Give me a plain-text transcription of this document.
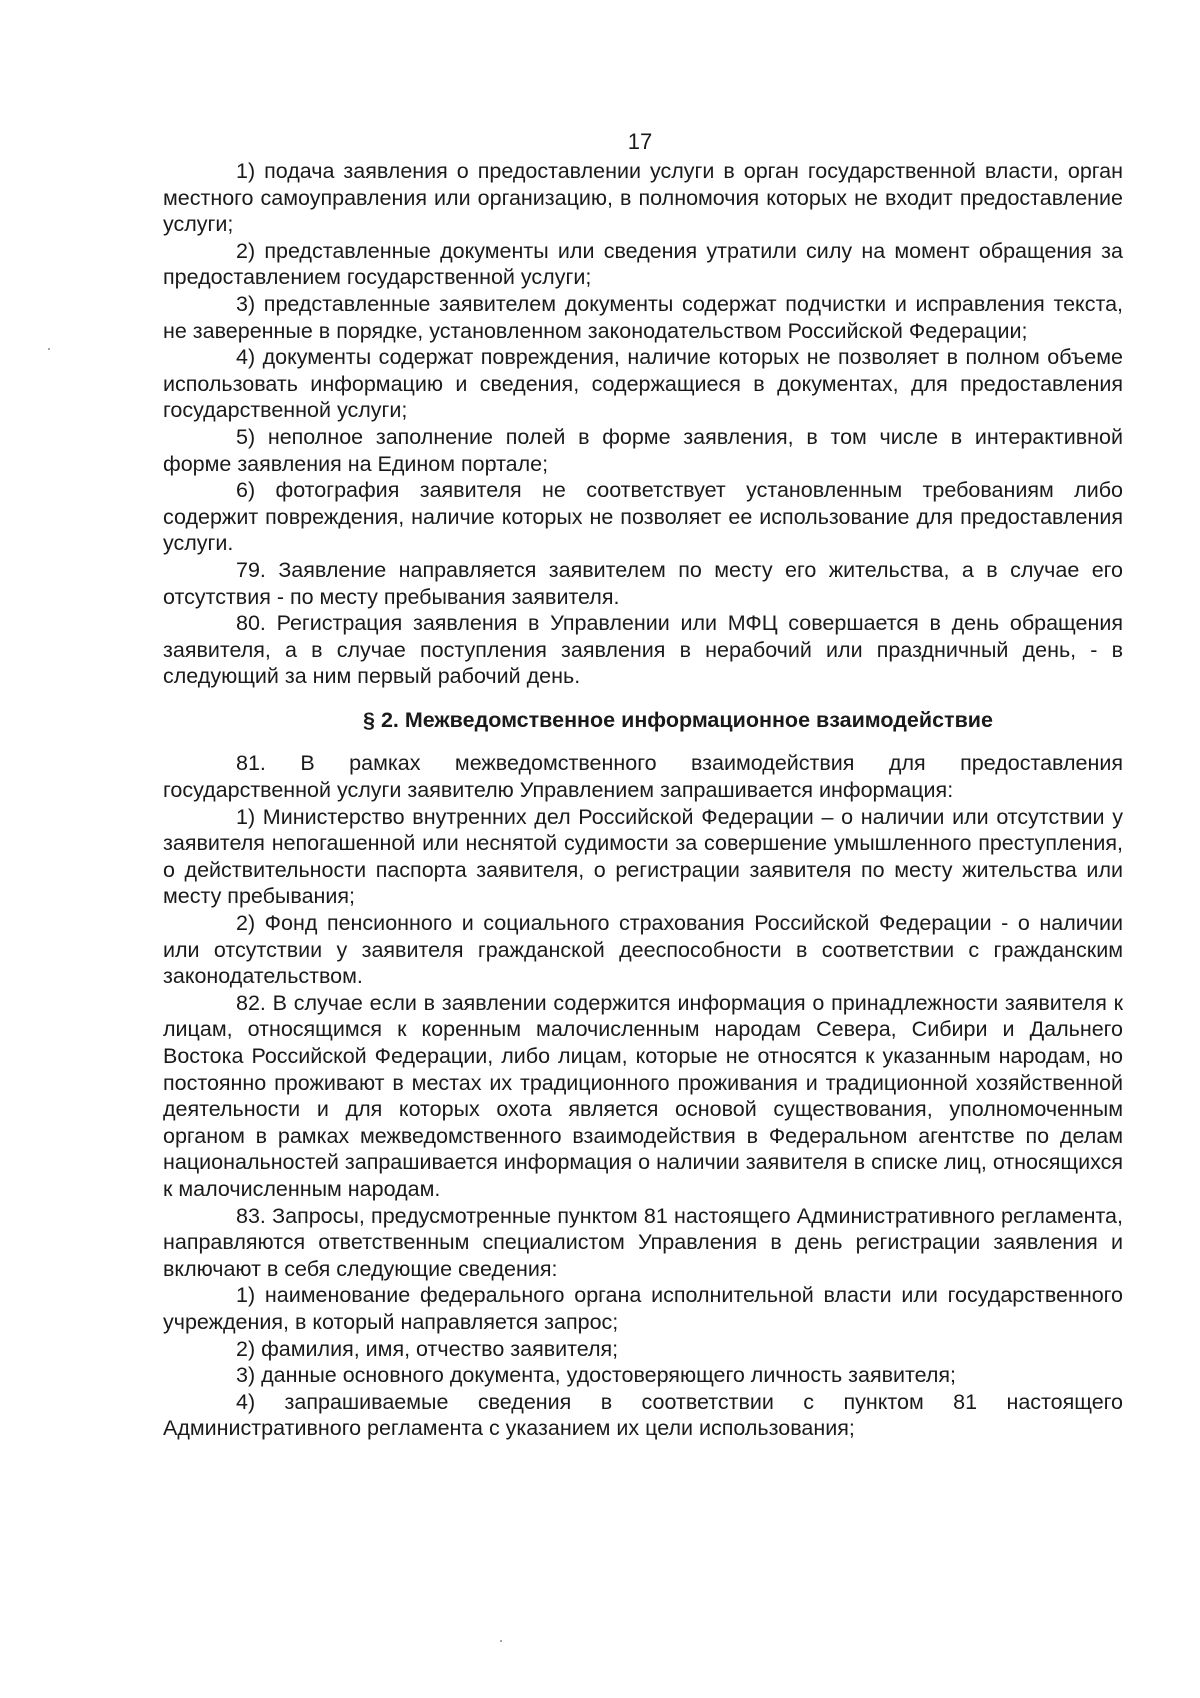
17

1) подача заявления о предоставлении услуги в орган государственной власти, орган местного самоуправления или организацию, в полномочия которых не входит предоставление услуги;

2) представленные документы или сведения утратили силу на момент обращения за предоставлением государственной услуги;

3) представленные заявителем документы содержат подчистки и исправления текста, не заверенные в порядке, установленном законодательством Российской Федерации;

4) документы содержат повреждения, наличие которых не позволяет в полном объеме использовать информацию и сведения, содержащиеся в документах, для предоставления государственной услуги;

5) неполное заполнение полей в форме заявления, в том числе в интерактивной форме заявления на Едином портале;

6) фотография заявителя не соответствует установленным требованиям либо содержит повреждения, наличие которых не позволяет ее использование для предоставления услуги.

79. Заявление направляется заявителем по месту его жительства, а в случае его отсутствия - по месту пребывания заявителя.

80. Регистрация заявления в Управлении или МФЦ совершается в день обращения заявителя, а в случае поступления заявления в нерабочий или праздничный день, - в следующий за ним первый рабочий день.

§ 2. Межведомственное информационное взаимодействие

81. В рамках межведомственного взаимодействия для предоставления государственной услуги заявителю Управлением запрашивается информация:

1) Министерство внутренних дел Российской Федерации – о наличии или отсутствии у заявителя непогашенной или неснятой судимости за совершение умышленного преступления, о действительности паспорта заявителя, о регистрации заявителя по месту жительства или месту пребывания;

2) Фонд пенсионного и социального страхования Российской Федерации - о наличии или отсутствии у заявителя гражданской дееспособности в соответствии с гражданским законодательством.

82. В случае если в заявлении содержится информация о принадлежности заявителя к лицам, относящимся к коренным малочисленным народам Севера, Сибири и Дальнего Востока Российской Федерации, либо лицам, которые не относятся к указанным народам, но постоянно проживают в местах их традиционного проживания и традиционной хозяйственной деятельности и для которых охота является основой существования, уполномоченным органом в рамках межведомственного взаимодействия в Федеральном агентстве по делам национальностей запрашивается информация о наличии заявителя в списке лиц, относящихся к малочисленным народам.

83. Запросы, предусмотренные пунктом 81 настоящего Административного регламента, направляются ответственным специалистом Управления в день регистрации заявления и включают в себя следующие сведения:

1) наименование федерального органа исполнительной власти или государственного учреждения, в который направляется запрос;

2) фамилия, имя, отчество заявителя;

3) данные основного документа, удостоверяющего личность заявителя;

4) запрашиваемые сведения в соответствии с пунктом 81 настоящего Административного регламента с указанием их цели использования;
